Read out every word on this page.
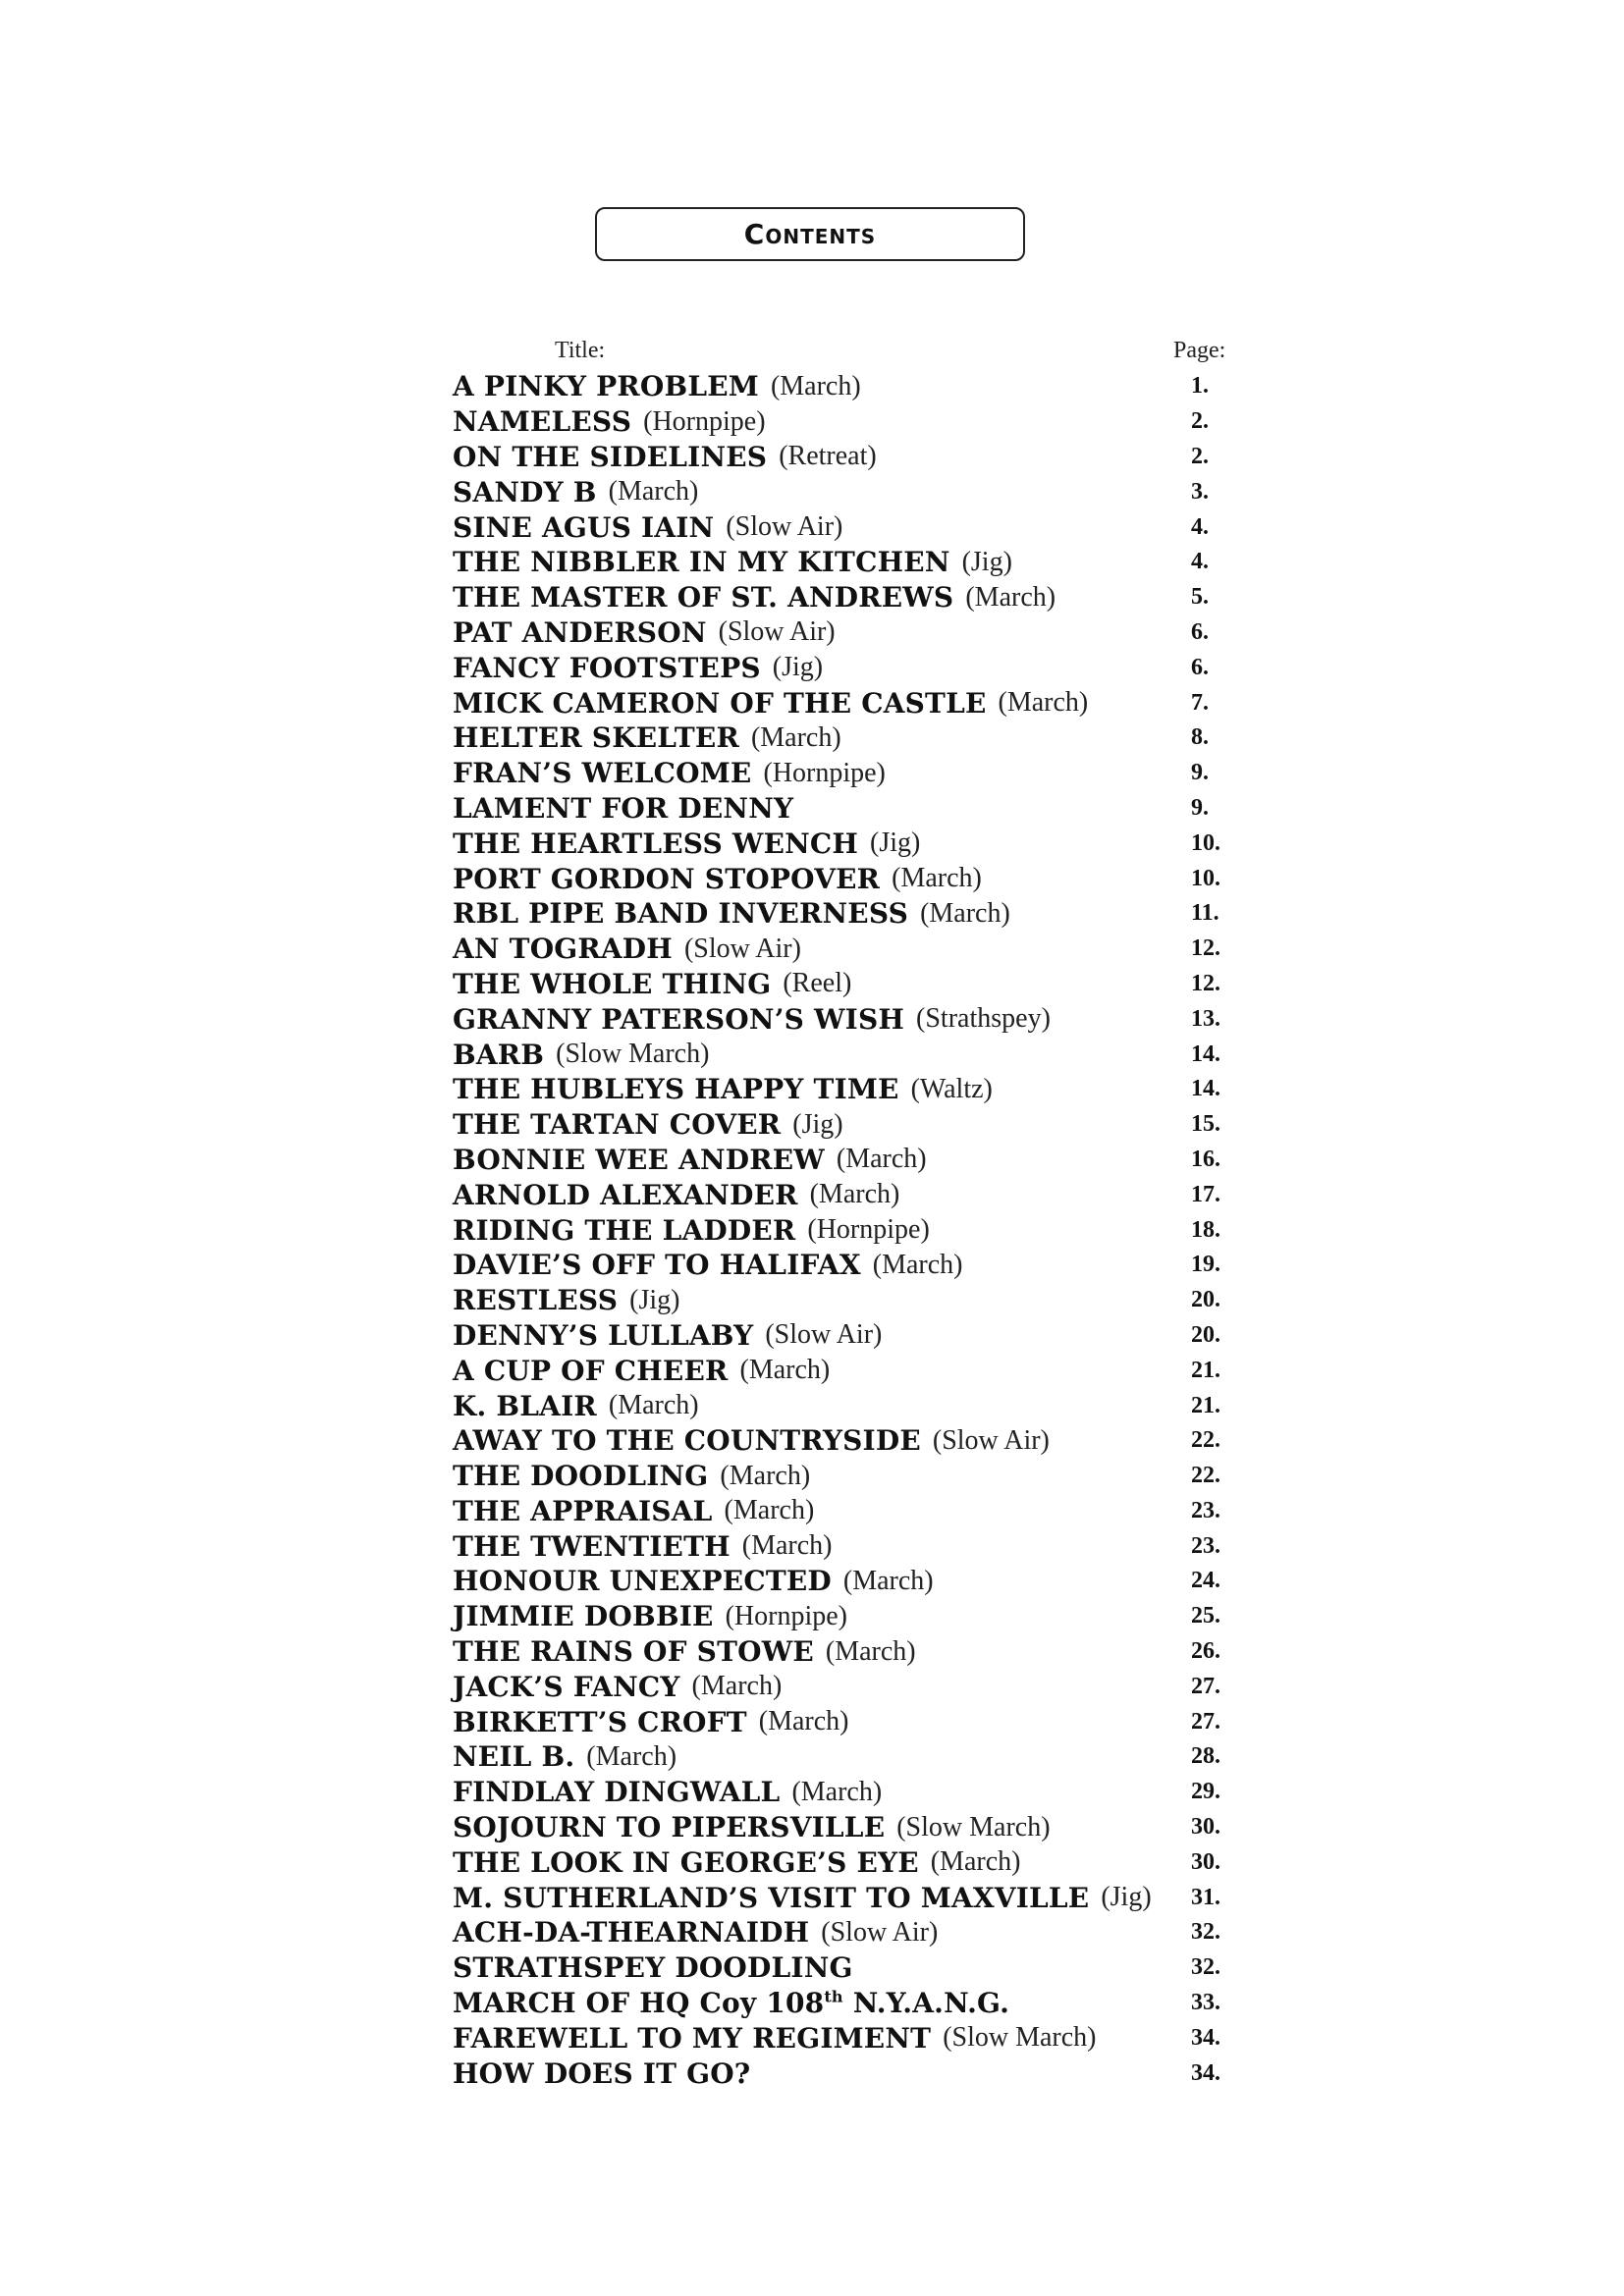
Contents
Title:	Page:
A PINKY PROBLEM (March)	1.
NAMELESS (Hornpipe)	2.
ON THE SIDELINES (Retreat)	2.
SANDY B (March)	3.
SINE AGUS IAIN (Slow Air)	4.
THE NIBBLER IN MY KITCHEN (Jig)	4.
THE MASTER OF ST. ANDREWS (March)	5.
PAT ANDERSON (Slow Air)	6.
FANCY FOOTSTEPS (Jig)	6.
MICK CAMERON OF THE CASTLE (March)	7.
HELTER SKELTER (March)	8.
FRAN’S WELCOME (Hornpipe)	9.
LAMENT FOR DENNY	9.
THE HEARTLESS WENCH (Jig)	10.
PORT GORDON STOPOVER (March)	10.
RBL PIPE BAND INVERNESS (March)	11.
AN TOGRADH (Slow Air)	12.
THE WHOLE THING (Reel)	12.
GRANNY PATERSON’S WISH (Strathspey)	13.
BARB (Slow March)	14.
THE HUBLEYS HAPPY TIME (Waltz)	14.
THE TARTAN COVER (Jig)	15.
BONNIE WEE ANDREW (March)	16.
ARNOLD ALEXANDER (March)	17.
RIDING THE LADDER (Hornpipe)	18.
DAVIE’S OFF TO HALIFAX (March)	19.
RESTLESS (Jig)	20.
DENNY’S LULLABY (Slow Air)	20.
A CUP OF CHEER (March)	21.
K. BLAIR (March)	21.
AWAY TO THE COUNTRYSIDE (Slow Air)	22.
THE DOODLING (March)	22.
THE APPRAISAL (March)	23.
THE TWENTIETH (March)	23.
HONOUR UNEXPECTED (March)	24.
JIMMIE DOBBIE (Hornpipe)	25.
THE RAINS OF STOWE (March)	26.
JACK’S FANCY (March)	27.
BIRKETT’S CROFT (March)	27.
NEIL B. (March)	28.
FINDLAY DINGWALL (March)	29.
SOJOURN TO PIPERSVILLE (Slow March)	30.
THE LOOK IN GEORGE’S EYE (March)	30.
M. SUTHERLAND’S VISIT TO MAXVILLE (Jig) 31.
ACH-DA-THEARNAIDH (Slow Air)	32.
STRATHSPEY DOODLING	32.
MARCH OF HQ Coy 108th N.Y.A.N.G.	33.
FAREWELL TO MY REGIMENT (Slow March)	34.
HOW DOES IT GO?	34.
